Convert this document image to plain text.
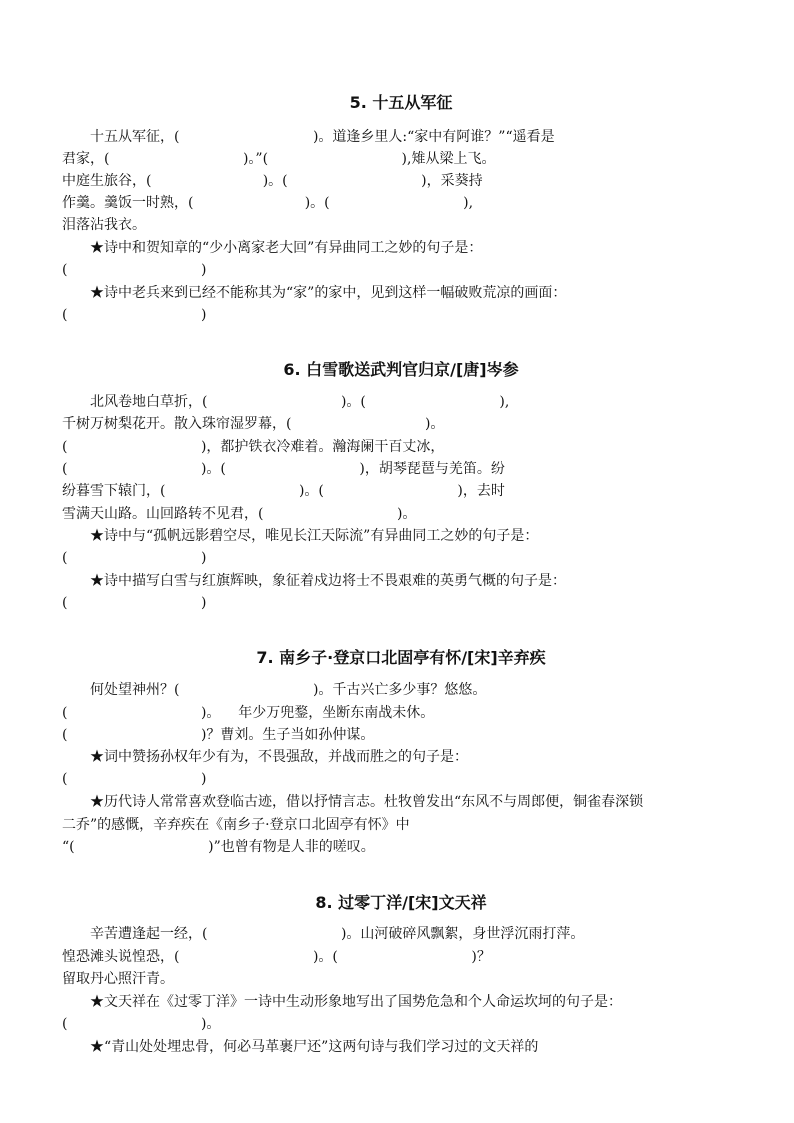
5. 十五从军征
十五从军征，(                              )。道逢乡里人:“家中有阿谁？”“遥看是
君家，(                              )。”(                              ),雉从梁上飞。
中庭生旅谷，(                         )。(                              )，采葵持
作羹。羹饭一时熟，(                         )。(                              ),
泪落沾我衣。
★诗中和贺知章的“少小离家老大回”有异曲同工之妙的句子是：
(                              )
★诗中老兵来到已经不能称其为“家”的家中，见到这样一幅破败荒凉的画面：
(                              )
6. 白雪歌送武判官归京/[唐]岑参
北风卷地白草折，(                              )。(                              ),
千树万树梨花开。散入珠帘湿罗幕，(                              )。
(                              )，都护铁衣冷难着。瀚海阑干百丈冰，
(                              )。(                              )，胡琴琵琶与羌笛。纷
纷暮雪下辕门，(                              )。(                              )，去时
雪满天山路。山回路转不见君，(                              )。
★诗中与“孤帆远影碧空尽，唯见长江天际流”有异曲同工之妙的句子是：
(                              )
★诗中描写白雪与红旗辉映，象征着戍边将士不畏艰难的英勇气概的句子是：
(                              )
7. 南乡子·登京口北固亭有怀/[宋]辛弃疾
何处望神州？(                              )。千古兴亡多少事？悠悠。
(                              )。    年少万兜鍪，坐断东南战未休。
(                              )？曹刘。生子当如孙仲谋。
★词中赞扬孙权年少有为，不畏强敌，并战而胜之的句子是：
(                              )
★历代诗人常常喜欢登临古迹，借以抒情言志。杜牧曾发出“东风不与周郎便，铜雀春深锁
二乔”的感慨，辛弃疾在《南乡子·登京口北固亭有怀》中
“(                              )”也曾有物是人非的嗟叹。
8. 过零丁洋/[宋]文天祥
辛苦遭逢起一经，(                              )。山河破碎风飘絮，身世浮沉雨打萍。
惶恐滩头说惶恐，(                              )。(                              )？
留取丹心照汗青。
★文天祥在《过零丁洋》一诗中生动形象地写出了国势危急和个人命运坎坷的句子是：
(                              )。
★“青山处处埋忠骨，何必马革裹尸还”这两句诗与我们学习过的文天祥的
